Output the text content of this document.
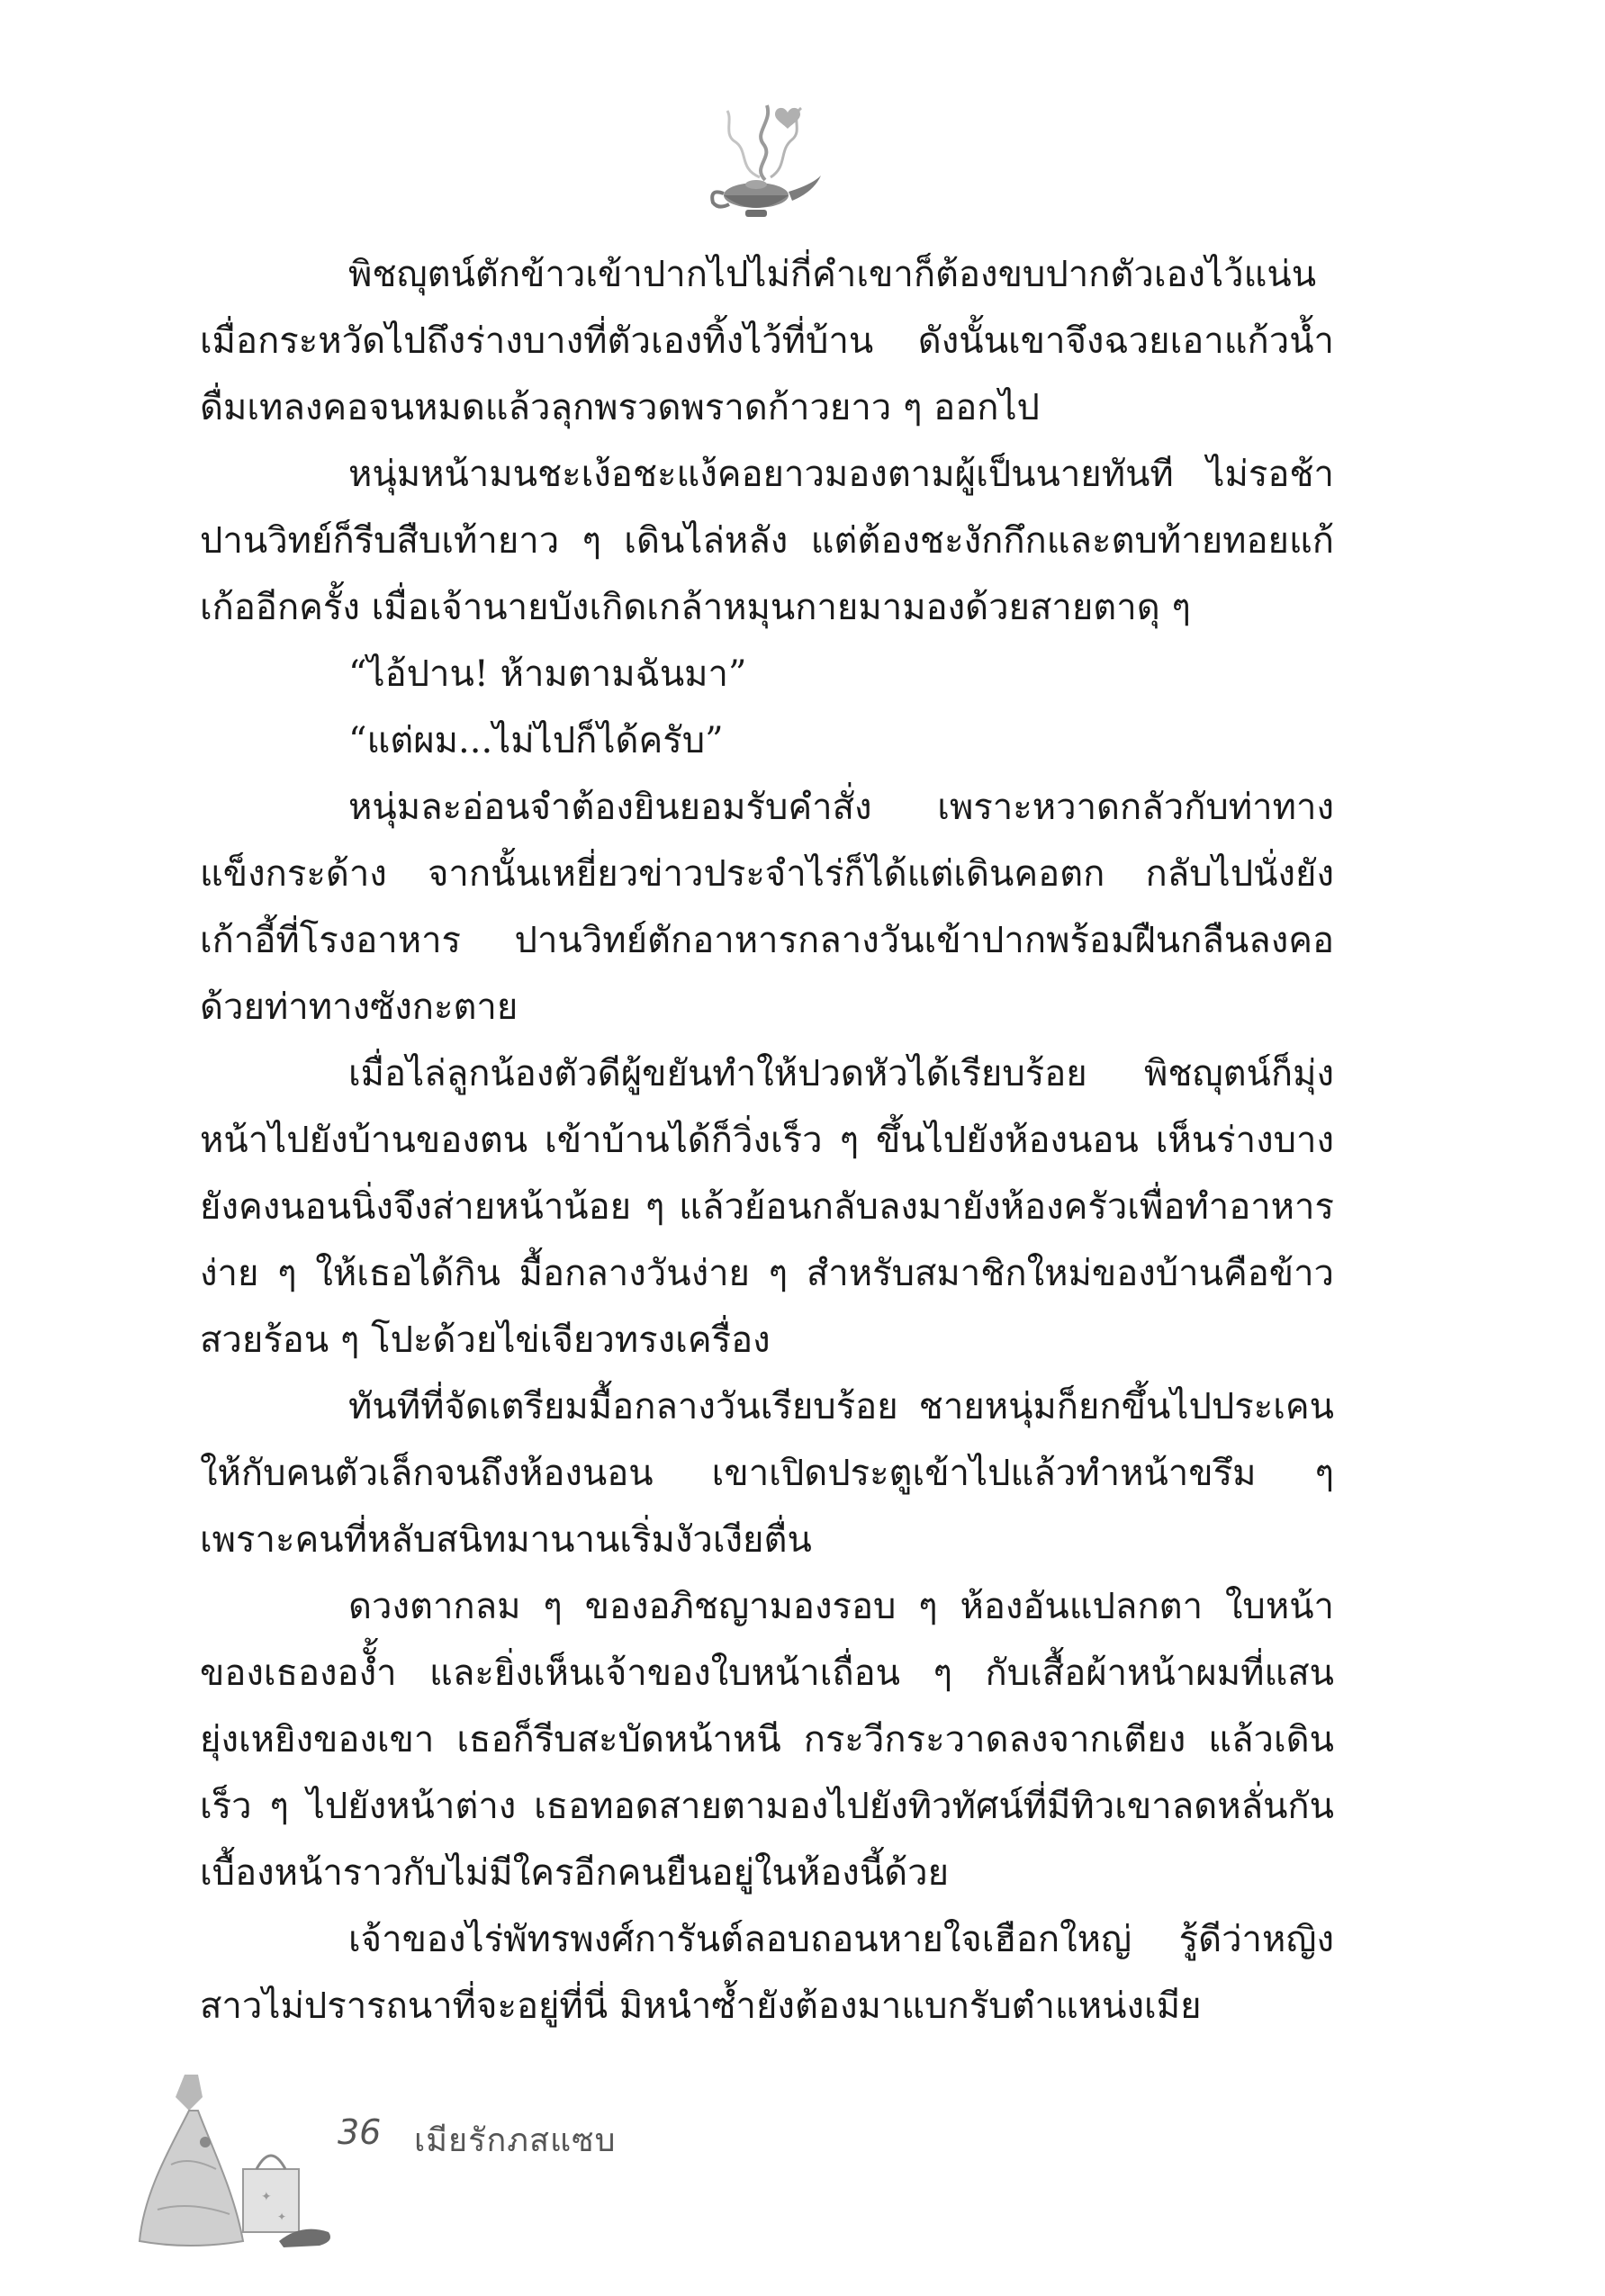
พิชญุตน์ตักข้าวเข้าปากไปไม่กี่คำเขาก็ต้องขบปากตัวเองไว้แน่น เมื่อกระหวัดไปถึงร่างบางที่ตัวเองทิ้งไว้ที่บ้าน ดังนั้นเขาจึงฉวยเอาแก้วน้ำดื่มเทลงคอจนหมดแล้วลุกพรวดพราดก้าวยาว ๆ ออกไป

หนุ่มหน้ามนชะเง้อชะแง้คอยาวมองตามผู้เป็นนายทันที ไม่รอช้าปานวิทย์ก็รีบสืบเท้ายาว ๆ เดินไล่หลัง แต่ต้องชะงักกึกและตบท้ายทอยแก้เก้ออีกครั้ง เมื่อเจ้านายบังเกิดเกล้าหมุนกายมามองด้วยสายตาดุ ๆ

“ไอ้ปาน! ห้ามตามฉันมา”

“แต่ผม...ไม่ไปก็ได้ครับ”

หนุ่มละอ่อนจำต้องยินยอมรับคำสั่ง เพราะหวาดกลัวกับท่าทางแข็งกระด้าง จากนั้นเหยี่ยวข่าวประจำไร่ก็ได้แต่เดินคอตก กลับไปนั่งยังเก้าอี้ที่โรงอาหาร ปานวิทย์ตักอาหารกลางวันเข้าปากพร้อมฝืนกลืนลงคอด้วยท่าทางซังกะตาย

เมื่อไล่ลูกน้องตัวดีผู้ขยันทำให้ปวดหัวได้เรียบร้อย พิชญุตน์ก็มุ่งหน้าไปยังบ้านของตน เข้าบ้านได้ก็วิ่งเร็ว ๆ ขึ้นไปยังห้องนอน เห็นร่างบางยังคงนอนนิ่งจึงส่ายหน้าน้อย ๆ แล้วย้อนกลับลงมายังห้องครัวเพื่อทำอาหารง่าย ๆ ให้เธอได้กิน มื้อกลางวันง่าย ๆ สำหรับสมาชิกใหม่ของบ้านคือข้าวสวยร้อน ๆ โปะด้วยไข่เจียวทรงเครื่อง

ทันทีที่จัดเตรียมมื้อกลางวันเรียบร้อย ชายหนุ่มก็ยกขึ้นไปประเคนให้กับคนตัวเล็กจนถึงห้องนอน เขาเปิดประตูเข้าไปแล้วทำหน้าขรึม ๆ เพราะคนที่หลับสนิทมานานเริ่มงัวเงียตื่น

ดวงตากลม ๆ ของอภิชญามองรอบ ๆ ห้องอันแปลกตา ใบหน้าของเธององั้ำ และยิ่งเห็นเจ้าของใบหน้าเถื่อน ๆ กับเสื้อผ้าหน้าผมที่แสนยุ่งเหยิงของเขา เธอก็รีบสะบัดหน้าหนี กระวีกระวาดลงจากเตียง แล้วเดินเร็ว ๆ ไปยังหน้าต่าง เธอทอดสายตามองไปยังทิวทัศน์ที่มีทิวเขาลดหลั่นกันเบื้องหน้าราวกับไม่มีใครอีกคนยืนอยู่ในห้องนี้ด้วย

เจ้าของไร่พัทรพงศ์การันต์ลอบถอนหายใจเฮือกใหญ่ รู้ดีว่าหญิงสาวไม่ปรารถนาที่จะอยู่ที่นี่ มิหนำซ้ำยังต้องมาแบกรับตำแหน่งเมีย

✦
✦
36 เมียรักภสแซบ
